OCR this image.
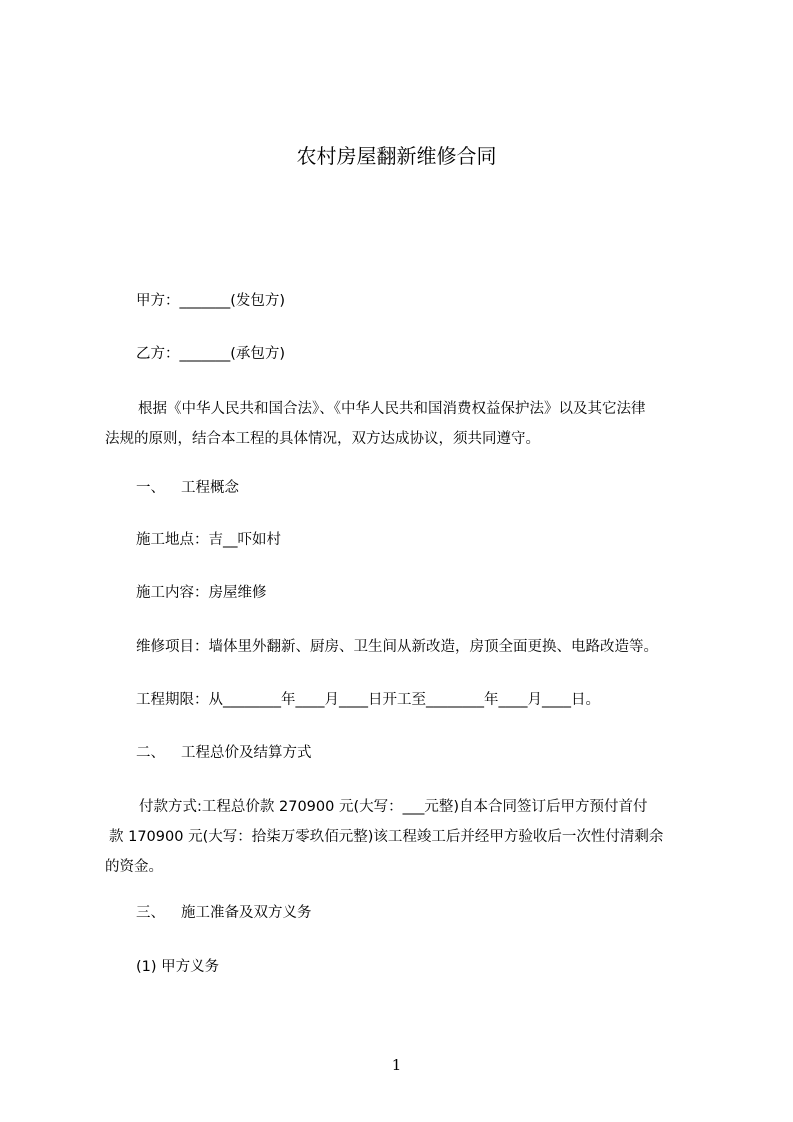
农村房屋翻新维修合同
甲方：_______(发包方)
乙方：_______(承包方)
根据《中华人民共和国合法》、《中华人民共和国消费权益保护法》以及其它法律
法规的原则，结合本工程的具体情况，双方达成协议，须共同遵守。
一、 工程概念
施工地点：吉__吓如村
施工内容：房屋维修
维修项目：墙体里外翻新、厨房、卫生间从新改造，房顶全面更换、电路改造等。
工程期限：从________年____月____日开工至________年____月____日。
二、 工程总价及结算方式
付款方式:工程总价款 270900 元(大写：___元整)自本合同签订后甲方预付首付
款 170900 元(大写：拾柒万零玖佰元整)该工程竣工后并经甲方验收后一次性付清剩余
的资金。
三、 施工准备及双方义务
(1) 甲方义务
1
